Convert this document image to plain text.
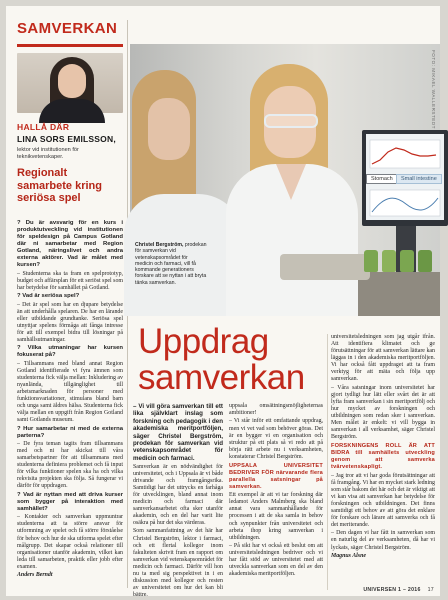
SAMVERKAN
HALLÅ DÄR
LINA SORS EMILSSON,
lektor vid institutionen för teknikvetenskaper.
Regionalt samarbete kring seriösa spel

? Du är avsvarig för en kurs i produktutveckling vid institutionen för speldesign på Campus Gotland där ni samarbetar med Region Gotland, näringslivet och andra externa aktörer. Vad är målet med kursen?

– Studenterna ska ta fram en spelprototyp, budget och affärsplan för ett seriöst spel som har betydelse för samhället på Gotland.

? Vad är seriösa spel?

– Det är spel som har en djupare betydelse än att underhålla spelaren. De har en lärande eller utbildande grundtanke. Seriösa spel utnyttjar spelens förmåga att fånga intresse för att till exempel bidra till lösningar på samhällsutmaningar.

? Vilka utmaningar har kursen fokuserat på?

– Tillsammans med bland annat Region Gotland identifierade vi fyra ämnen som studenterna fick välja mellan: Inkludering av nyanlända, tillgänglighet till arbetsmarknaden för personer med funktionsvariationer, stimulans bland barn och unga samt äldres hälsa. Studenterna fick välja mellan en uppgift från Region Gotland samt Gotlands museum.

? Hur samarbetar ni med de externa parterna?

– De fyra teman tagits fram tillsammans med och ni har skickat till våra samarbetspartner för att tillsammans med studenterna definiera problemet och få input för vilka funktioner spelen ska ha och vilka rekvisita projekten ska följa. Så fungerar vi därför för uppdragen.

? Vad är nyttan med att driva kurser som bygger på interaktion med samhället?

– Kontakter och samverkan uppmuntrar studenterna att ta större ansvar för utformning av spelet och få större förståelse för behov och hur de ska utforma spelet efter målgrupp. Det skapar också relationer till organisationer utanför akademin, vilket kan leda till samarbeten, praktik eller jobb efter examen.

Anders Berndt

Stomach	Small intestine
FOTO: MIKAEL WALLERSTEDT
Christel Bergström, prodekan för samverkan vid vetenskapsområdet för medicin och farmaci, vill få kommande generationers forskare att se nyttan i att bryta tänka samverkan.
Uppdrag
samverkan

– Vi vill göra samverkan till ett lika självklart inslag som forskning och pedagogik i den akademiska meritportföljen, säger Christel Bergström, prodekan för samverkan vid vetenskapsområdet för medicin och farmaci.

Samverkan är en nödvändighet för universitetet, och i Uppsala är vi både drivande och framgångsrika. Samtidigt har det uttrycks en farhåga för utvecklingen, bland annat inom medicin och farmaci där samverkansarbetet ofta sker utanför akademin, och en del har varit lite osäkra på hur det ska värderas.

Som sammanfattning av det här har Christel Bergström, lektor i farmaci, och ett flertal kollegor inom fakulteten skrivit fram en rapport om samverkan vid vetenskapsområdet för medicin och farmaci. Därför vill hon nu ta med sig perspektivet in i en diskussion med kollegor och resten av universitetet om hur det kan bli bättre.

uppsala omsättningsmöjligheternas ambitioner!

– Vi står inför ett omfattande uppdrag, men vi vet vad som behöver göras. Det är en bygger vi en organisation och struktur på ett plats så vi redo att på börja rätt arbete nu i verksamheten, konstaterar Christel Bergström.

UPPSALA UNIVERSITET BEDRIVER FÖR närvarande flera parallella satsningar på samverkan.

Ett exempel är att vi tar forskning där ledamot Anders Malmberg ska bland annat vara sammanhållande för processen i att de ska samla in behov och synpunkter från universitetet och arbeta ihop kring samverkan i utbildningen.

– På sikt har vi också ett beslut om att universitetsledningen bedriver och vi har fått stöd av universitetet med att utveckla samverkan som en del av den akademiska meritportföljen.

universitetsledningen som jag utgår ifrån. Att identifiera klimatet och ge förutsättningar för att samverkan lättare kan läggas in i den akademiska meritportföljen. Vi har också fått uppdraget att ta fram verktyg för att mäta och följa upp samverkan.

– Våra satsningar inom universitetet har gjort tydligt hur lätt eller svårt det är att lyfta fram samverkan i sin meritportfölj och hur mycket av forskningen och utbildningen som redan sker i samverkan. Men målet är enkelt: vi vill bygga in samverkan i all verksamhet, säger Christel Bergström.

FORSKNINGENS ROLL ÄR ATT BIDRA till samhällets utveckling genom att samverka tvärvetenskapligt.

– Jag tror att vi har goda förutsättningar att få framgång. Vi har en mycket stark ledning som står bakom det här och det är viktigt att vi kan visa att samverkan har betydelse för forskningen och utbildningen. Det finns samtidigt ett behov av att göra det enklare för forskare och lärare att samverka och få det meriterande.

– Den dagen vi har fått in samverkan som en naturlig del av verksamheten, då har vi lyckats, säger Christel Bergström.

Magnus Alsne

UNIVERSEN 1 – 2016 17
